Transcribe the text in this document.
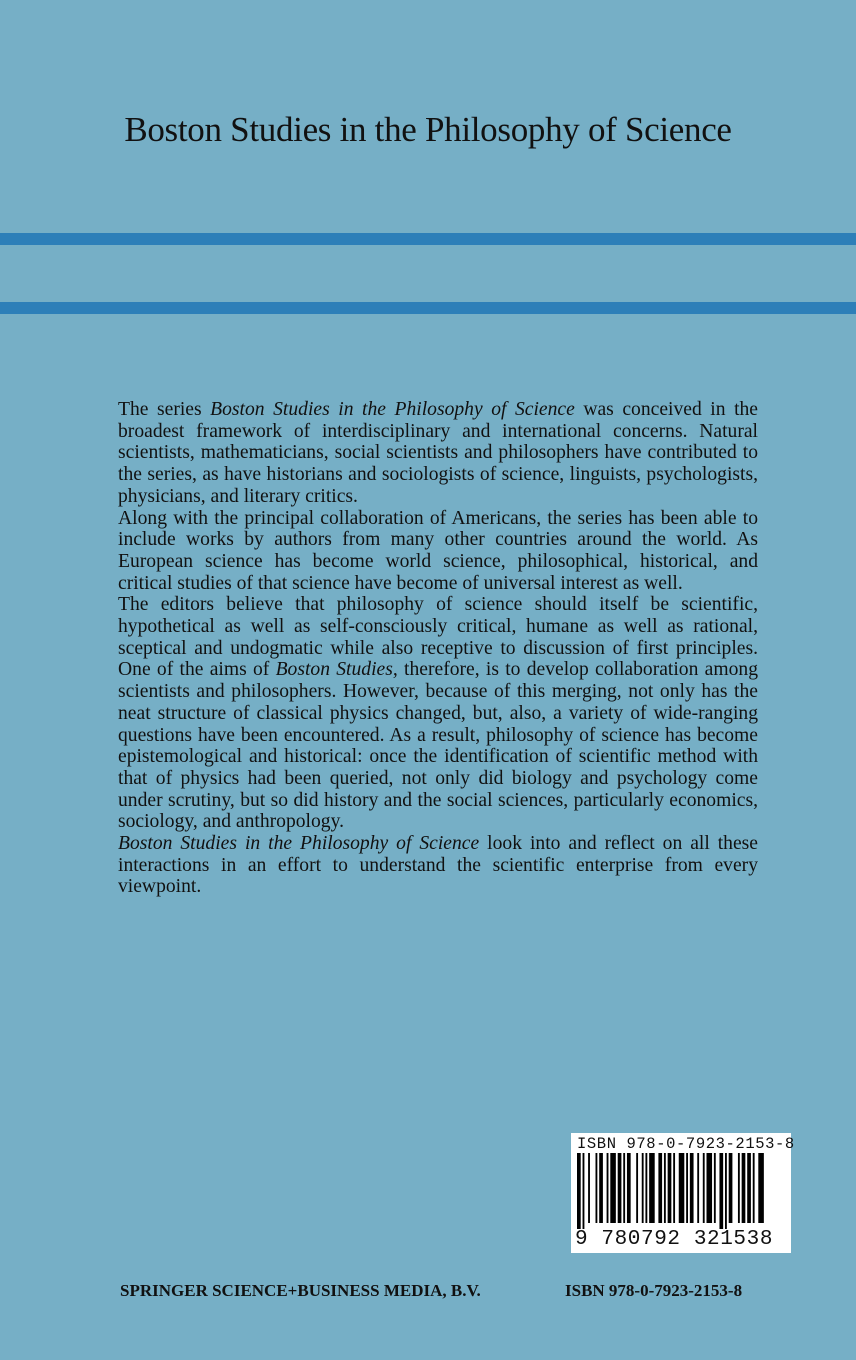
Boston Studies in the Philosophy of Science

The series Boston Studies in the Philosophy of Science was conceived in the broadest framework of interdisciplinary and international concerns. Natural scientists, mathematicians, social scientists and philosophers have contributed to the series, as have historians and sociologists of science, linguists, psychologists, physicians, and literary critics.

Along with the principal collaboration of Americans, the series has been able to include works by authors from many other countries around the world. As European science has become world science, philosophical, historical, and critical studies of that science have become of universal interest as well.

The editors believe that philosophy of science should itself be scientific, hypothetical as well as self-consciously critical, humane as well as rational, sceptical and undogmatic while also receptive to discussion of first principles. One of the aims of Boston Studies, therefore, is to develop collaboration among scientists and philosophers. However, because of this merging, not only has the neat structure of classical physics changed, but, also, a variety of wide-ranging questions have been encountered. As a result, philosophy of science has become epistemological and historical: once the identification of scientific method with that of physics had been queried, not only did biology and psychology come under scrutiny, but so did history and the social sciences, particularly economics, sociology, and anthropology.

Boston Studies in the Philosophy of Science look into and reflect on all these interactions in an effort to understand the scientific enterprise from every viewpoint.

ISBN 978-0-7923-2153-8
9 780792 321538
SPRINGER SCIENCE+BUSINESS MEDIA, B.V.	ISBN 978-0-7923-2153-8
